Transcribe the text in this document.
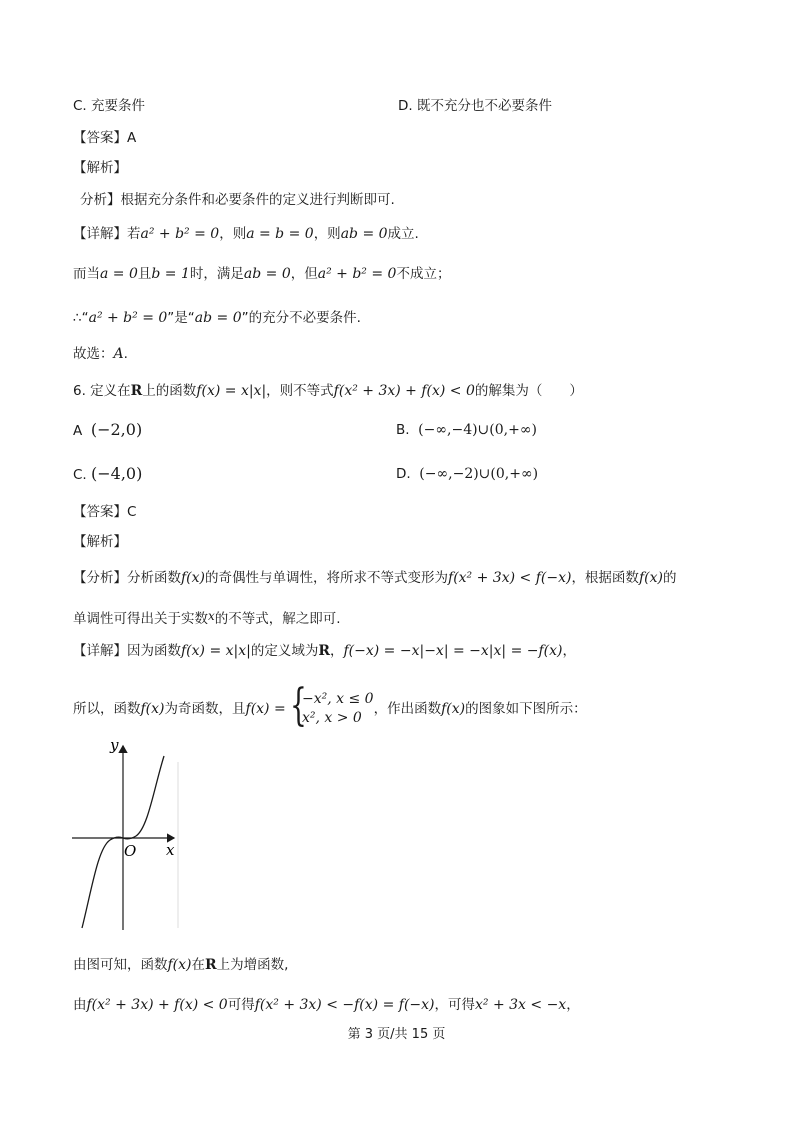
C. 充要条件	D. 既不充分也不必要条件
【答案】A
【解析】
分析】根据充分条件和必要条件的定义进行判断即可.
【详解】若a² + b² = 0，则a = b = 0，则ab = 0成立.
而当a = 0且b = 1时，满足ab = 0，但a² + b² = 0不成立；
∴“a² + b² = 0”是“ab = 0”的充分不必要条件.
故选：A.
6. 定义在R上的函数f(x) = x|x|，则不等式f(x² + 3x) + f(x) < 0的解集为（　　）
A (−2,0)	B. (−∞,−4)∪(0,+∞)
C. (−4,0)	D. (−∞,−2)∪(0,+∞)
【答案】C
【解析】
【分析】分析函数f(x)的奇偶性与单调性，将所求不等式变形为f(x² + 3x) < f(−x)，根据函数f(x)的
单调性可得出关于实数x的不等式，解之即可.
【详解】因为函数f(x) = x|x|的定义域为R，f(−x) = −x|−x| = −x|x| = −f(x)，
所以，函数f(x)为奇函数，且f(x) = {
−x², x ≤ 0
x², x > 0
，作出函数f(x)的图象如下图所示：
y
x
O
由图可知，函数f(x)在R上为增函数,
由f(x² + 3x) + f(x) < 0可得f(x² + 3x) < −f(x) = f(−x)，可得x² + 3x < −x，
第 3 页/共 15 页
